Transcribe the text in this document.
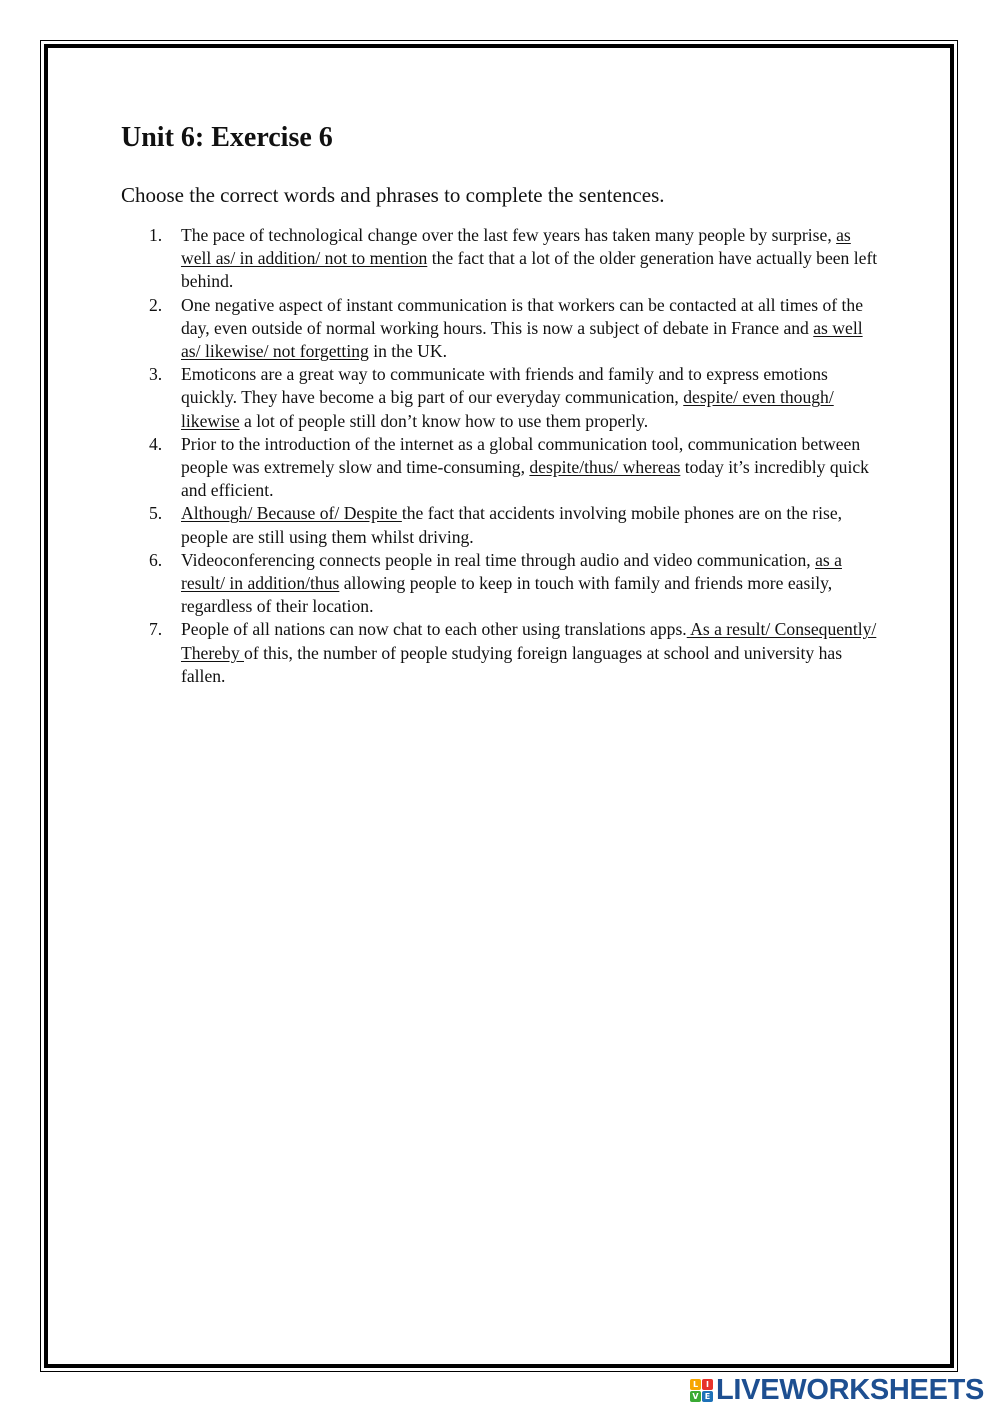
Unit 6: Exercise 6

Choose the correct words and phrases to complete the sentences.

1. The pace of technological change over the last few years has taken many people by surprise, as well as/ in addition/ not to mention the fact that a lot of the older generation have actually been left behind.
2. One negative aspect of instant communication is that workers can be contacted at all times of the day, even outside of normal working hours. This is now a subject of debate in France and as well as/ likewise/ not forgetting in the UK.
3. Emoticons are a great way to communicate with friends and family and to express emotions quickly. They have become a big part of our everyday communication, despite/ even though/ likewise a lot of people still don’t know how to use them properly.
4. Prior to the introduction of the internet as a global communication tool, communication between people was extremely slow and time-consuming, despite/thus/ whereas today it’s incredibly quick and efficient.
5. Although/ Because of/ Despite the fact that accidents involving mobile phones are on the rise, people are still using them whilst driving.
6. Videoconferencing connects people in real time through audio and video communication, as a result/ in addition/thus allowing people to keep in touch with family and friends more easily, regardless of their location.
7. People of all nations can now chat to each other using translations apps. As a result/ Consequently/ Thereby of this, the number of people studying foreign languages at school and university has fallen.
L I
V E LIVEWORKSHEETS
